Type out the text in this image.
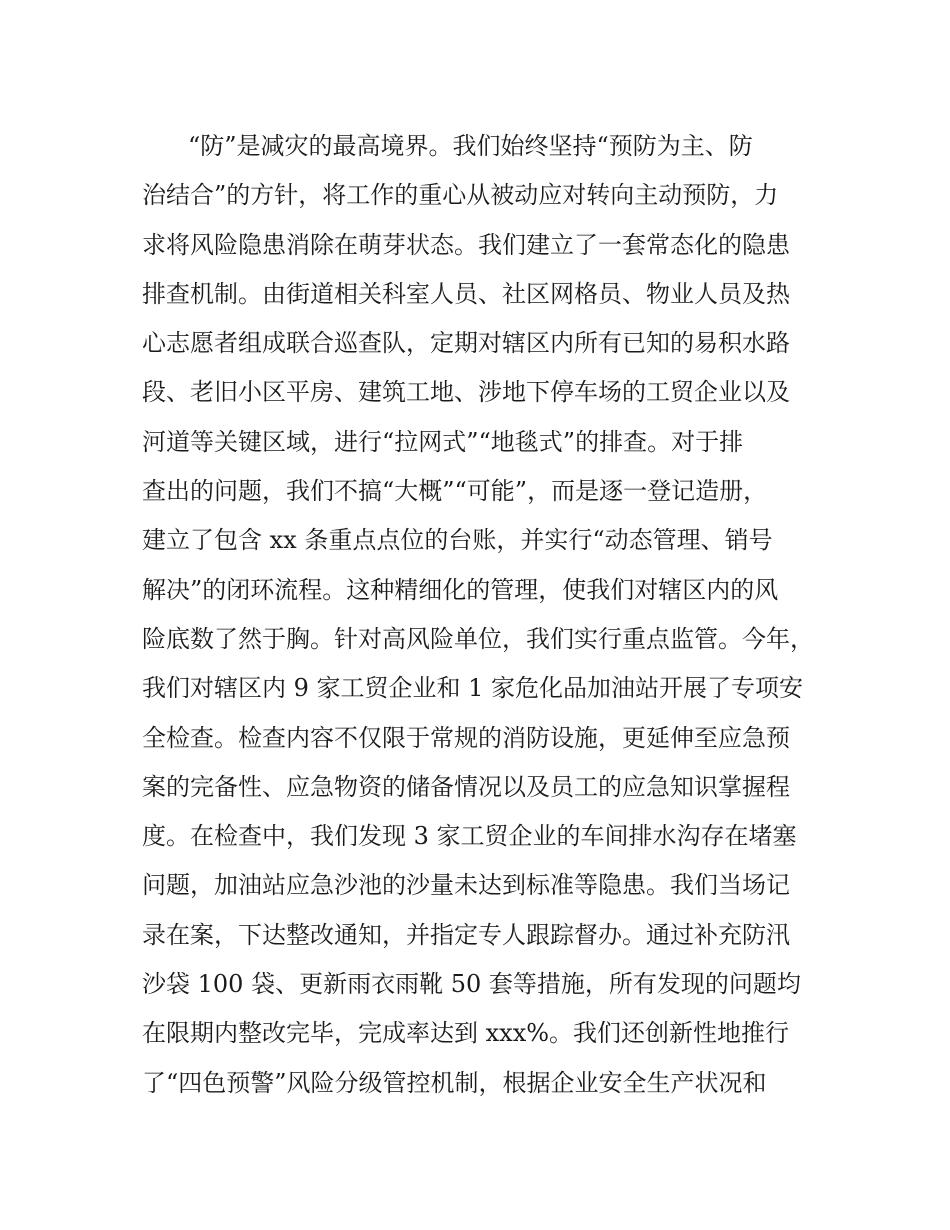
“防”是减灾的最高境界。我们始终坚持“预防为主、防
治结合”的方针，将工作的重心从被动应对转向主动预防，力
求将风险隐患消除在萌芽状态。我们建立了一套常态化的隐患
排查机制。由街道相关科室人员、社区网格员、物业人员及热
心志愿者组成联合巡查队，定期对辖区内所有已知的易积水路
段、老旧小区平房、建筑工地、涉地下停车场的工贸企业以及
河道等关键区域，进行“拉网式”“地毯式”的排查。对于排
查出的问题，我们不搞“大概”“可能”，而是逐一登记造册，
建立了包含 xx 条重点点位的台账，并实行“动态管理、销号
解决”的闭环流程。这种精细化的管理，使我们对辖区内的风
险底数了然于胸。针对高风险单位，我们实行重点监管。今年，
我们对辖区内 9 家工贸企业和 1 家危化品加油站开展了专项安
全检查。检查内容不仅限于常规的消防设施，更延伸至应急预
案的完备性、应急物资的储备情况以及员工的应急知识掌握程
度。在检查中，我们发现 3 家工贸企业的车间排水沟存在堵塞
问题，加油站应急沙池的沙量未达到标准等隐患。我们当场记
录在案，下达整改通知，并指定专人跟踪督办。通过补充防汛
沙袋 100 袋、更新雨衣雨靴 50 套等措施，所有发现的问题均
在限期内整改完毕，完成率达到 xxx%。我们还创新性地推行
了“四色预警”风险分级管控机制，根据企业安全生产状况和
